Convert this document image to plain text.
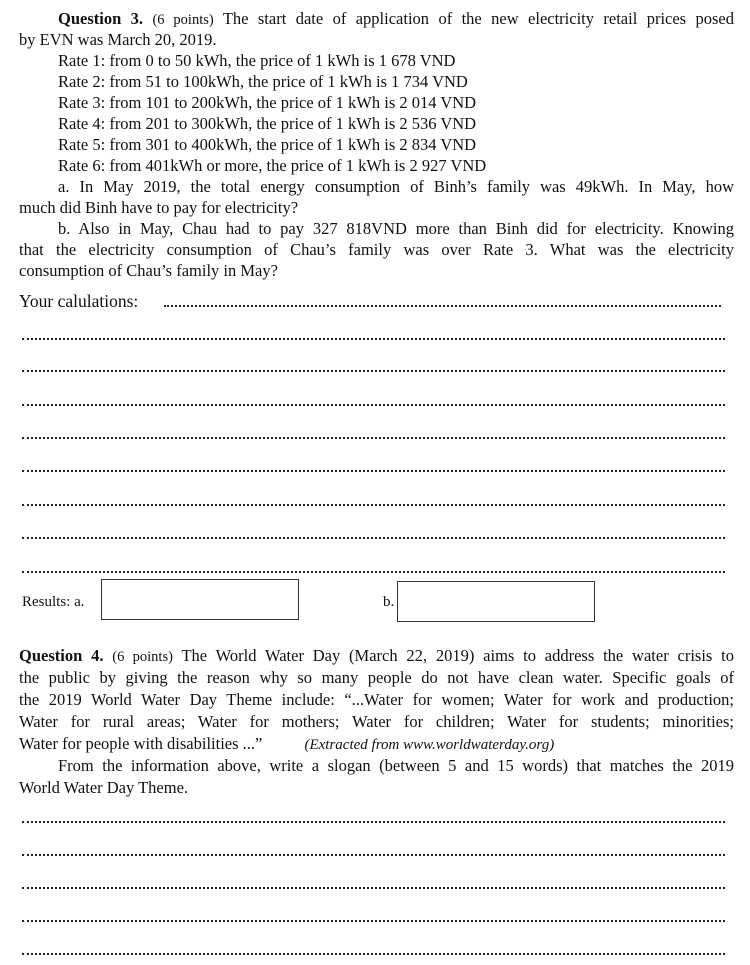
Question 3. (6 points) The start date of application of the new electricity retail prices posed
by EVN was March 20, 2019.
Rate 1: from 0 to 50 kWh, the price of 1 kWh is 1 678 VND
Rate 2: from 51 to 100kWh, the price of 1 kWh is 1 734 VND
Rate 3: from 101 to 200kWh, the price of 1 kWh is 2 014 VND
Rate 4: from 201 to 300kWh, the price of 1 kWh is 2 536 VND
Rate 5: from 301 to 400kWh, the price of 1 kWh is 2 834 VND
Rate 6: from 401kWh or more, the price of 1 kWh is 2 927 VND
a. In May 2019, the total energy consumption of Binh’s family was 49kWh. In May, how
much did Binh have to pay for electricity?
b. Also in May, Chau had to pay 327 818VND more than Binh did for electricity. Knowing
that the electricity consumption of Chau’s family was over Rate 3. What was the electricity
consumption of Chau’s family in May?
Your calulations:
Results: a.	b.
Question 4. (6 points) The World Water Day (March 22, 2019) aims to address the water crisis to
the public by giving the reason why so many people do not have clean water. Specific goals of
the 2019 World Water Day Theme include: “...Water for women; Water for work and production;
Water for rural areas; Water for mothers; Water for children; Water for students; minorities;
Water for people with disabilities ...”	(Extracted from www.worldwaterday.org)
From the information above, write a slogan (between 5 and 15 words) that matches the 2019
World Water Day Theme.
